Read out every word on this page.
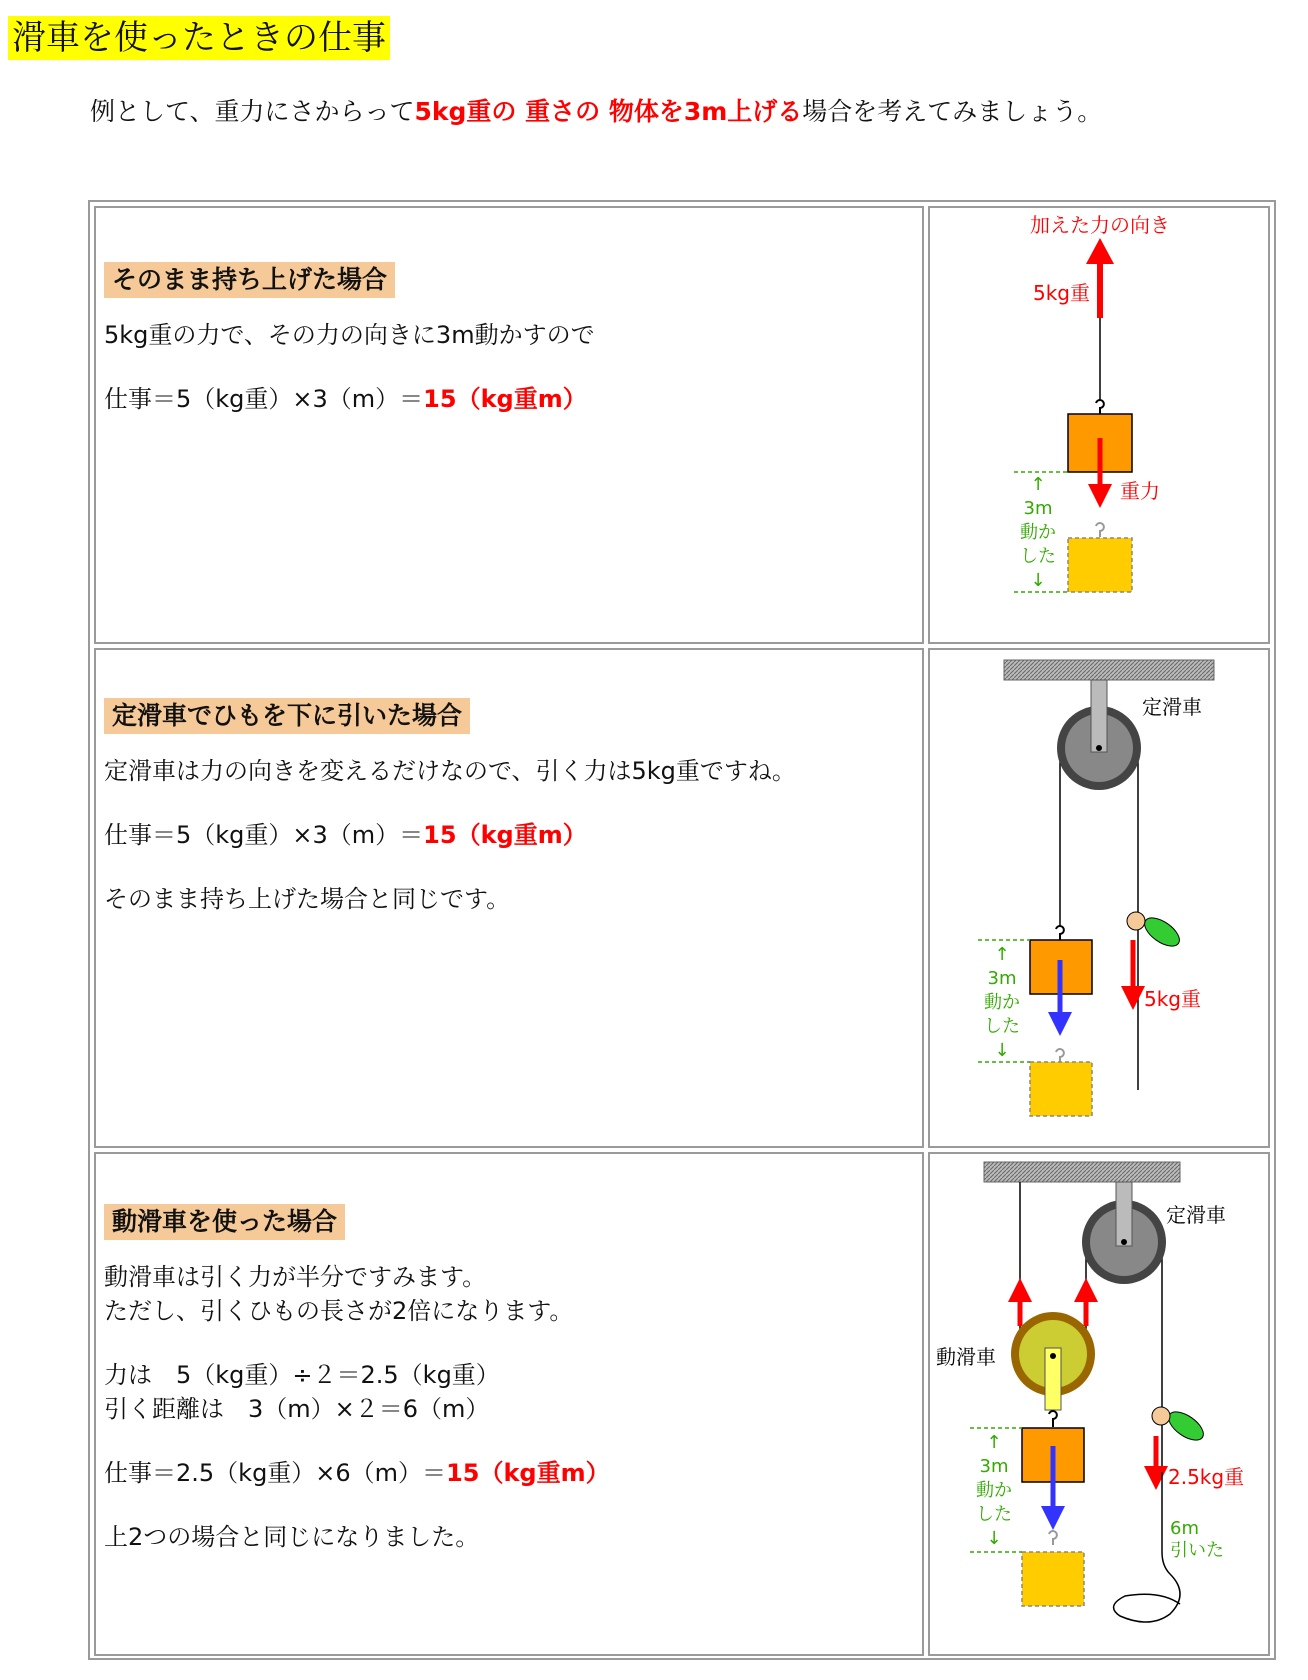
滑車を使ったときの仕事
例として、重力にさからって5kg重の 重さの 物体を3m上げる場合を考えてみましょう。
そのまま持ち上げた場合

5kg重の力で、その力の向きに3m動かすので

仕事＝5（kg重）×3（m）＝15（kg重m）

加えた力の向き
5kg重
重力
↑
3m
動か
した
↓
定滑車でひもを下に引いた場合

定滑車は力の向きを変えるだけなので、引く力は5kg重ですね。

仕事＝5（kg重）×3（m）＝15（kg重m）

そのまま持ち上げた場合と同じです。

定滑車
↑
3m
動か
した
↓
5kg重
動滑車を使った場合

動滑車は引く力が半分ですみます。

ただし、引くひもの長さが2倍になります。

力は　5（kg重）÷２＝2.5（kg重）

引く距離は　3（m）×２＝6（m）

仕事＝2.5（kg重）×6（m）＝15（kg重m）

上2つの場合と同じになりました。

定滑車
動滑車
↑
3m
動か
した
↓
2.5kg重
6m
引いた
